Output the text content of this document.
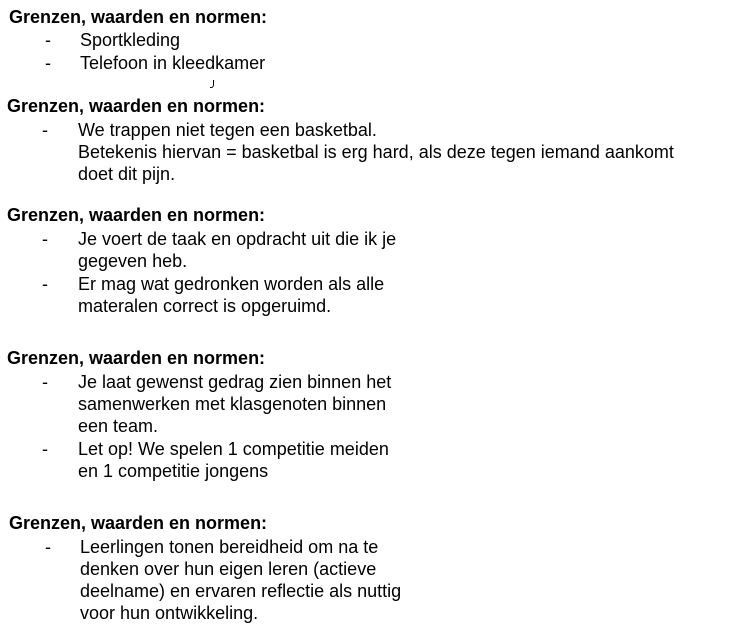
Grenzen, waarden en normen:

- Sportkleding
- Telefoon in kleedkamer

Grenzen, waarden en normen:

- We trappen niet tegen een basketbal.
Betekenis hiervan = basketbal is erg hard, als deze tegen iemand aankomt
doet dit pijn.

Grenzen, waarden en normen:

- Je voert de taak en opdracht uit die ik je
gegeven heb.
- Er mag wat gedronken worden als alle
materalen correct is opgeruimd.

Grenzen, waarden en normen:

- Je laat gewenst gedrag zien binnen het
samenwerken met klasgenoten binnen
een team.
- Let op! We spelen 1 competitie meiden
en 1 competitie jongens

Grenzen, waarden en normen:

- Leerlingen tonen bereidheid om na te
denken over hun eigen leren (actieve
deelname) en ervaren reflectie als nuttig
voor hun ontwikkeling.
